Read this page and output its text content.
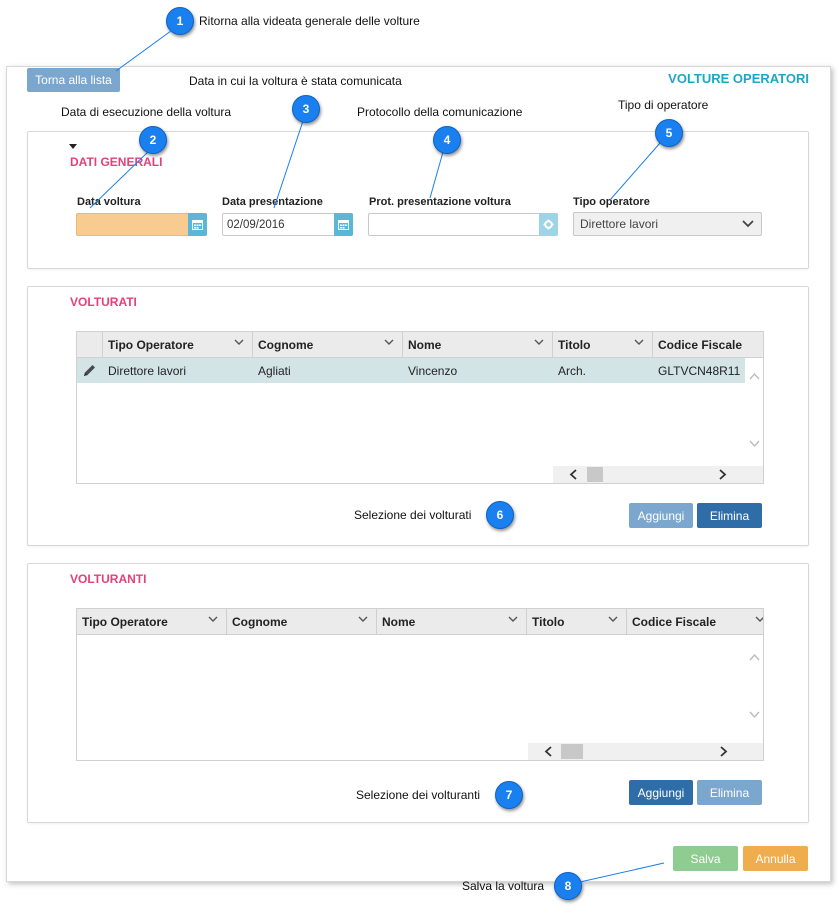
1	Ritorna alla videata generale delle volture
Torna alla lista	VOLTURE OPERATORI
Data in cui la voltura è stata comunicata
Data di esecuzione della voltura	Protocollo della comunicazione	Tipo di operatore
DATI GENERALI
Data voltura	Data presentazione
02/09/2016
Prot. presentazione voltura	Tipo operatore
Direttore lavori
2
3
4	5
VOLTURATI
Tipo Operatore	Cognome	Nome	Titolo	Codice Fiscale
Direttore lavori	Agliati	Vincenzo	Arch.	GLTVCN48R11
Selezione dei volturati	6	Aggiungi	Elimina
VOLTURANTI
Tipo Operatore	Cognome	Nome	Titolo	Codice Fiscale
Selezione dei volturanti	7	Aggiungi	Elimina
Salva	Annulla
Salva la voltura	8
